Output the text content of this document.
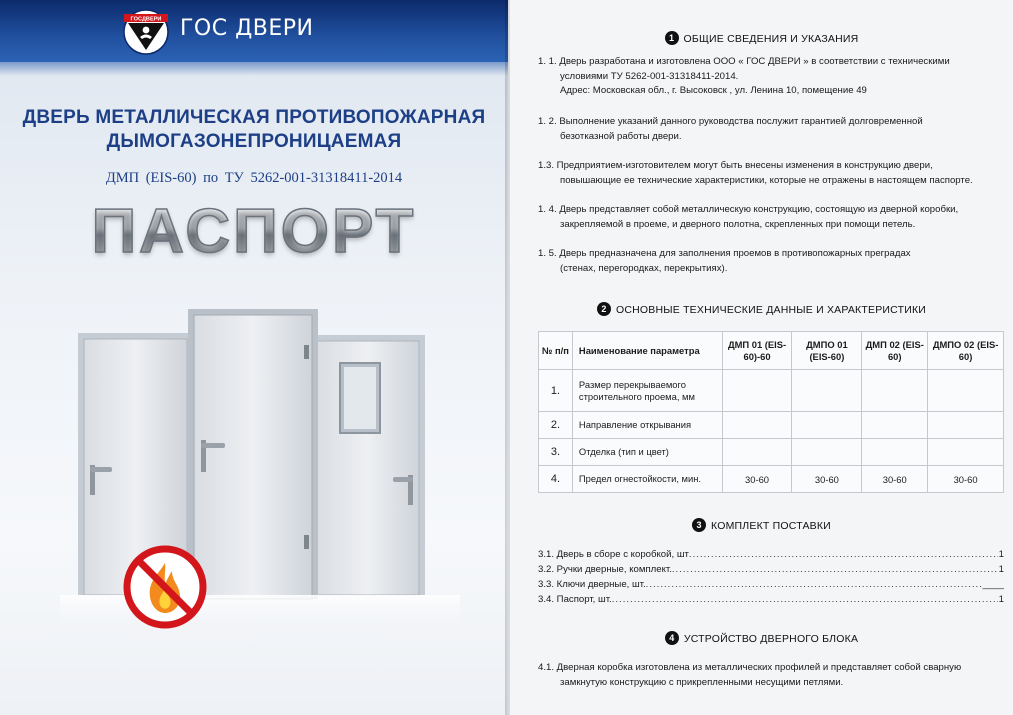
ГОСДВЕРИ ГОС ДВЕРИ
ДВЕРЬ МЕТАЛЛИЧЕСКАЯ ПРОТИВОПОЖАРНАЯ
ДЫМОГАЗОНЕПРОНИЦАЕМАЯ
ДМП (EIS-60) по ТУ 5262-001-31318411-2014
ПАСПОРТ
1 ОБЩИЕ СВЕДЕНИЯ И УКАЗАНИЯ
1. 1. Дверь разработана и изготовлена ООО « ГОС ДВЕРИ » в соответствии с техническими
условиями ТУ 5262-001-31318411-2014.
Адрес: Московская обл., г. Высоковск , ул. Ленина 10, помещение 49
1. 2. Выполнение указаний данного руководства послужит гарантией долговременной
безотказной работы двери.
1.3. Предприятием-изготовителем могут быть внесены изменения в конструкцию двери,
повышающие ее технические характеристики, которые не отражены в настоящем паспорте.
1. 4. Дверь представляет собой металлическую конструкцию, состоящую из дверной коробки,
закрепляемой в проеме, и дверного полотна, скрепленных при помощи петель.
1. 5. Дверь предназначена для заполнения проемов в противопожарных преградах
(стенах, перегородках, перекрытиях).
2 ОСНОВНЫЕ ТЕХНИЧЕСКИЕ ДАННЫЕ И ХАРАКТЕРИСТИКИ
№ п/п	Наименование параметра	ДМП 01 (EIS-60)-60	ДМПО 01 (EIS-60)	ДМП 02 (EIS-60)	ДМПО 02 (EIS-60)
1.	Размер перекрываемого строительного проема, мм				
2.	Направление открывания				
3.	Отделка (тип и цвет)				
4.	Предел огнестойкости, мин.	30-60	30-60	30-60	30-60
3 КОМПЛЕКТ ПОСТАВКИ
3.1. Дверь в сборе с коробкой, шт .....	1
3.2. Ручки дверные, комплект. .....	1
3.3. Ключи дверные, шт. .....	____
3.4. Паспорт, шт. .....	1
4 УСТРОЙСТВО ДВЕРНОГО БЛОКА
4.1. Дверная коробка изготовлена из металлических профилей и представляет собой сварную
замкнутую конструкцию с прикрепленными несущими петлями.
